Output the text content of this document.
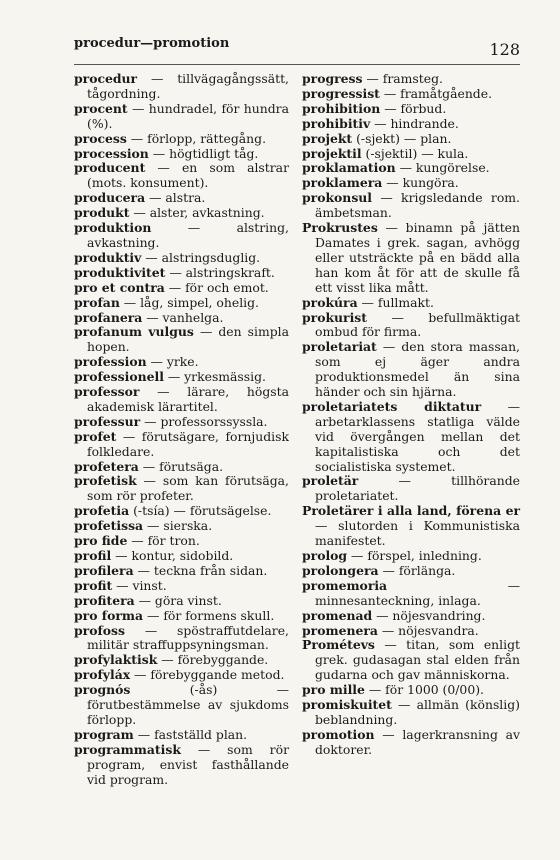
procedur—promotion	128

procedur — tillvägagångssätt, tågordning.

procent — hundradel, för hundra (%).

process — förlopp, rättegång.

procession — högtidligt tåg.

producent — en som alstrar (mots. konsument).

producera — alstra.

produkt — alster, avkastning.

produktion — alstring, avkastning.

produktiv — alstringsduglig.

produktivitet — alstringskraft.

pro et contra — för och emot.

profan — låg, simpel, ohelig.

profanera — vanhelga.

profanum vulgus — den simpla hopen.

profession — yrke.

professionell — yrkesmässig.

professor — lärare, högsta akademisk lärartitel.

professur — professorssyssla.

profet — förutsägare, fornjudisk folkledare.

profetera — förutsäga.

profetisk — som kan förutsäga, som rör profeter.

profetia (-tsía) — förutsägelse.

profetissa — sierska.

pro fide — för tron.

profil — kontur, sidobild.

profilera — teckna från sidan.

profit — vinst.

profitera — göra vinst.

pro forma — för formens skull.

profoss — spöstraffutdelare, militär straffuppsyningsman.

profylaktisk — förebyggande.

profyláx — förebyggande metod.

prognós (-ås) — förutbestämmelse av sjukdoms förlopp.

program — fastställd plan.

programmatisk — som rör program, envist fasthållande vid program.

progress — framsteg.

progressist — framåtgående.

prohibition — förbud.

prohibitiv — hindrande.

projekt (-sjekt) — plan.

projektil (-sjektil) — kula.

proklamation — kungörelse.

proklamera — kungöra.

prokonsul — krigsledande rom. ämbetsman.

Prokrustes — binamn på jätten Damates i grek. sagan, avhögg eller utsträckte på en bädd alla han kom åt för att de skulle få ett visst lika mått.

prokúra — fullmakt.

prokurist — befullmäktigat ombud för firma.

proletariat — den stora massan, som ej äger andra produktionsmedel än sina händer och sin hjärna.

proletariatets diktatur — arbetarklassens statliga välde vid övergången mellan det kapitalistiska och det socialistiska systemet.

proletär — tillhörande proletariatet.

Proletärer i alla land, förena er — slutorden i Kommunistiska manifestet.

prolog — förspel, inledning.

prolongera — förlänga.

promemoria — minnesanteckning, inlaga.

promenad — nöjesvandring.

promenera — nöjesvandra.

Prométevs — titan, som enligt grek. gudasagan stal elden från gudarna och gav människorna.

pro mille — för 1000 (0/00).

promiskuitet — allmän (könslig) beblandning.

promotion — lagerkransning av doktorer.
